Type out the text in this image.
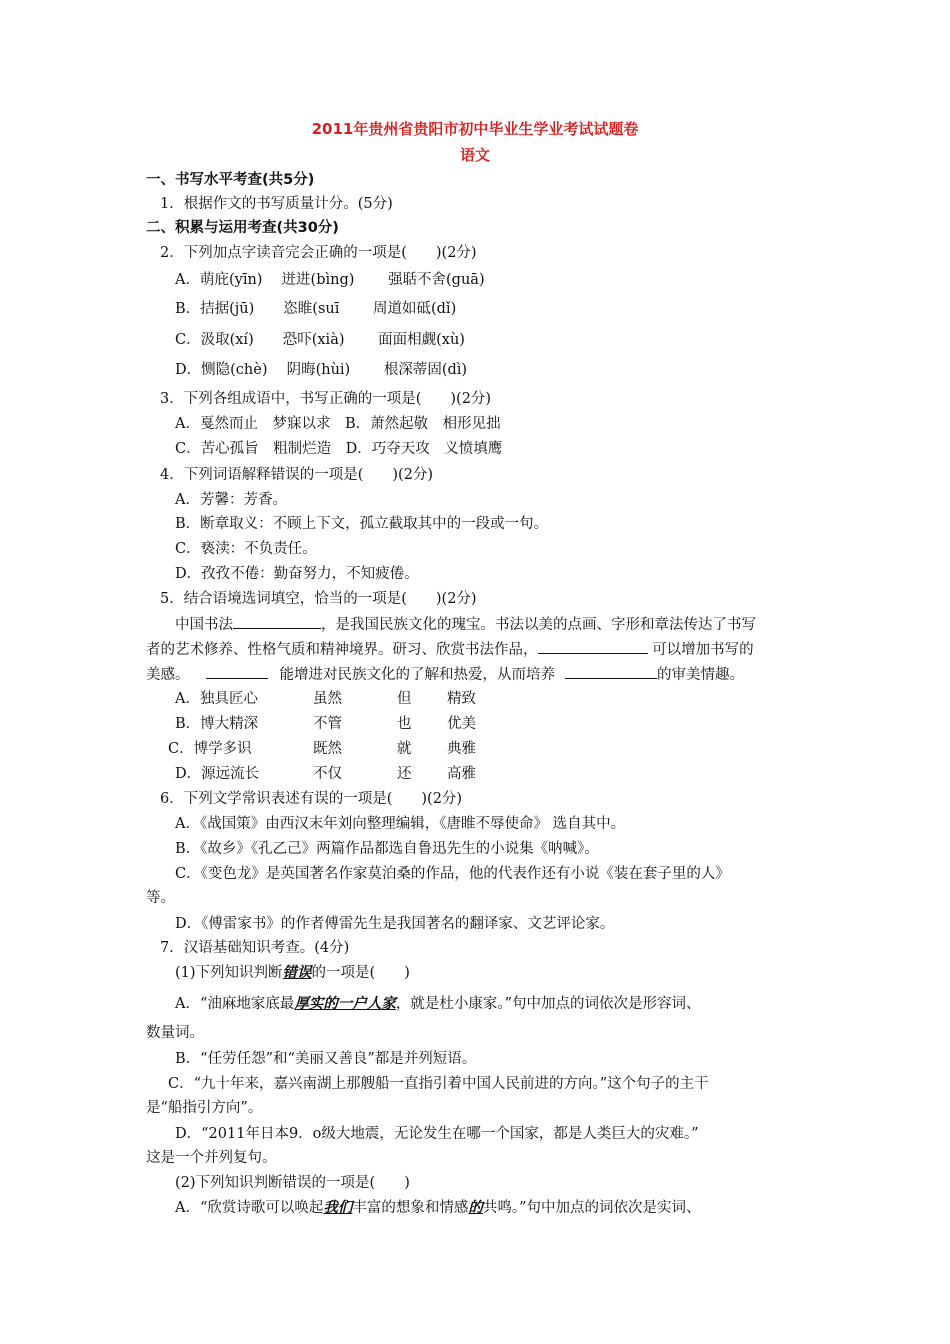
2011年贵州省贵阳市初中毕业生学业考试试题卷
语文
一、书写水平考查(共5分)
1．根据作文的书写质量计分。(5分)
二、积累与运用考查(共30分)
2．下列加点字读音完会正确的一项是(　　)(2分)
A．萌庇(yīn)　 迸进(bìng)　　 强聒不舍(guā)
B．拮据(jū)　　恣睢(suī　　 周道如砥(dǐ)
C．汲取(xí)　　恐吓(xià)　　 面面相觑(xù)
D．恻隐(chè)　 阴晦(hùi)　　 根深蒂固(dì)
3．下列各组成语中，书写正确的一项是(　　)(2分)
A．戛然而止　梦寐以求　B．萧然起敬　相形见拙
C．苦心孤旨　粗制烂造　D．巧夺天攻　义愤填鹰
4．下列词语解释错误的一项是(　　)(2分)
A．芳馨：芳香。
B．断章取义：不顾上下文，孤立截取其中的一段或一句。
C．亵渎：不负责任。
D．孜孜不倦：勤奋努力，不知疲倦。
5．结合语境选词填空，恰当的一项是(　　)(2分)
中国书法	，是我国民族文化的瑰宝。书法以美的点画、字形和章法传达了书写
者的艺术修养、性格气质和精神境界。研习、欣赏书法作品，	可以增加书写的
美感。	能增进对民族文化的了解和热爱，从而培养	的审美情趣。
A．独具匠心	虽然	但 精致
B．博大精深	不管	也 优美
C．博学多识	既然	就 典雅
D．源远流长	不仅	还 高雅
6．下列文学常识表述有误的一项是(　　)(2分)
A．《战国策》由西汉末年刘向整理编辑，《唐睢不辱使命》 选自其中。
B．《故乡》《孔乙己》两篇作品都选自鲁迅先生的小说集《呐喊》。
C．《变色龙》是英国著名作家莫泊桑的作品，他的代表作还有小说《装在套子里的人》
等。
D．《傅雷家书》的作者傅雷先生是我国著名的翻译家、文艺评论家。
7．汉语基础知识考查。(4分)
(1)下列知识判断错误的一项是(　　)
A．“油麻地家底最厚实的一户人家，就是杜小康家。”句中加点的词依次是形容词、
数量词。
B．“任劳任怨”和“美丽又善良”都是并列短语。
C．“九十年来，嘉兴南湖上那艘船一直指引着中国人民前进的方向。”这个句子的主干
是“船指引方向”。
D．“2011年日本9．o级大地震，无论发生在哪一个国家，都是人类巨大的灾难。”
这是一个并列复句。
(2)下列知识判断错误的一项是(　　)
A．“欣赏诗歌可以唤起我们丰富的想象和情感的共鸣。”句中加点的词依次是实词、
